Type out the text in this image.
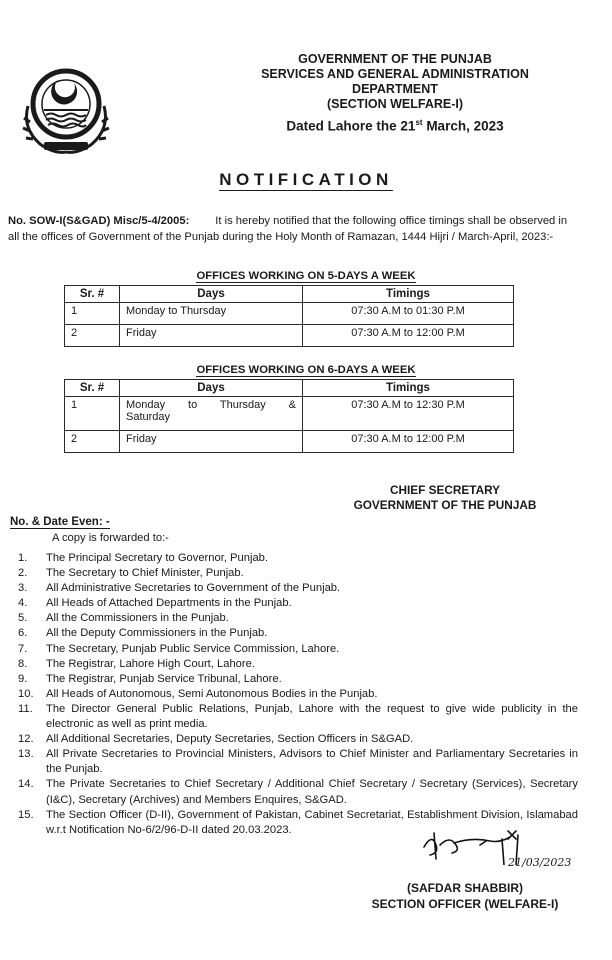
GOVERNMENT OF THE PUNJAB
SERVICES AND GENERAL ADMINISTRATION
DEPARTMENT
(SECTION WELFARE-I)
Dated Lahore the 21st March, 2023
NOTIFICATION
No. SOW-I(S&GAD) Misc/5-4/2005: It is hereby notified that the following office timings shall be observed in all the offices of Government of the Punjab during the Holy Month of Ramazan, 1444 Hijri / March-April, 2023:-
OFFICES WORKING ON 5-DAYS A WEEK
Sr. #	Days	Timings
1	Monday to Thursday	07:30 A.M to 01:30 P.M
2	Friday	07:30 A.M to 12:00 P.M
OFFICES WORKING ON 6-DAYS A WEEK
Sr. #	Days	Timings
1	Monday to Thursday &
Saturday	07:30 A.M to 12:30 P.M
2	Friday	07:30 A.M to 12:00 P.M
CHIEF SECRETARY
GOVERNMENT OF THE PUNJAB
No. & Date Even: -
A copy is forwarded to:-
1.	The Principal Secretary to Governor, Punjab.
2.	The Secretary to Chief Minister, Punjab.
3.	All Administrative Secretaries to Government of the Punjab.
4.	All Heads of Attached Departments in the Punjab.
5.	All the Commissioners in the Punjab.
6.	All the Deputy Commissioners in the Punjab.
7.	The Secretary, Punjab Public Service Commission, Lahore.
8.	The Registrar, Lahore High Court, Lahore.
9.	The Registrar, Punjab Service Tribunal, Lahore.
10.	All Heads of Autonomous, Semi Autonomous Bodies in the Punjab.
11.	The Director General Public Relations, Punjab, Lahore with the request to give wide publicity in the electronic as well as print media.
12.	All Additional Secretaries, Deputy Secretaries, Section Officers in S&GAD.
13.	All Private Secretaries to Provincial Ministers, Advisors to Chief Minister and Parliamentary Secretaries in the Punjab.
14.	The Private Secretaries to Chief Secretary / Additional Chief Secretary / Secretary (Services), Secretary (I&C), Secretary (Archives) and Members Enquires, S&GAD.
15.	The Section Officer (D-II), Government of Pakistan, Cabinet Secretariat, Establishment Division, Islamabad w.r.t Notification No-6/2/96-D-II dated 20.03.2023.
21/03/2023
(SAFDAR SHABBIR)
SECTION OFFICER (WELFARE-I)
